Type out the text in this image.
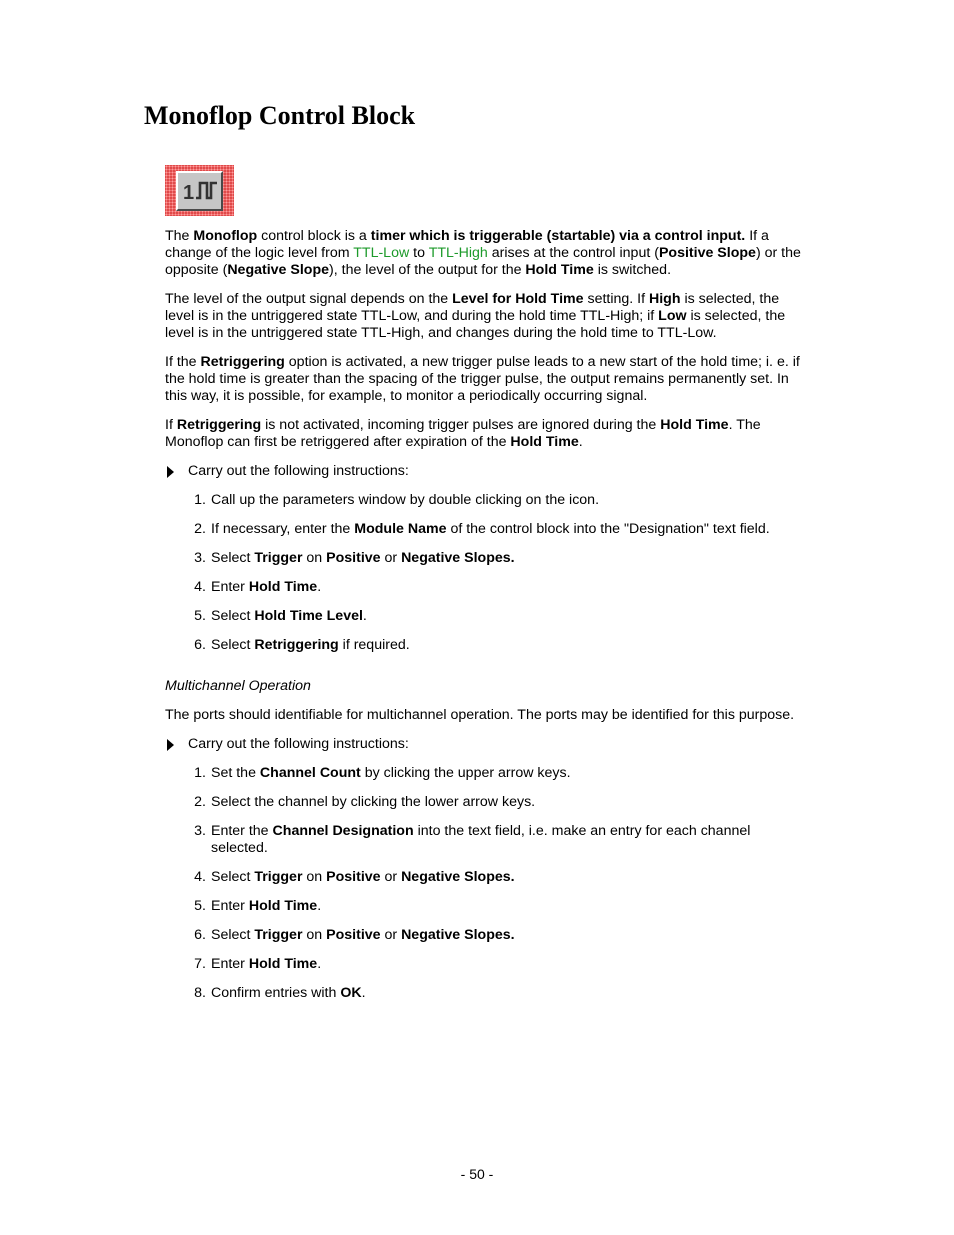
Monoflop Control Block
1

The Monoflop control block is a timer which is triggerable (startable) via a control input. If a change of the logic level from TTL-Low to TTL-High arises at the control input (Positive Slope) or the opposite (Negative Slope), the level of the output for the Hold Time is switched.

The level of the output signal depends on the Level for Hold Time setting. If High is selected, the level is in the untriggered state TTL-Low, and during the hold time TTL-High; if Low is selected, the level is in the untriggered state TTL-High, and changes during the hold time to TTL-Low.

If the Retriggering option is activated, a new trigger pulse leads to a new start of the hold time; i. e. if the hold time is greater than the spacing of the trigger pulse, the output remains permanently set. In this way, it is possible, for example, to monitor a periodically occurring signal.

If Retriggering is not activated, incoming trigger pulses are ignored during the Hold Time. The Monoflop can first be retriggered after expiration of the Hold Time.

Carry out the following instructions:
1. Call up the parameters window by double clicking on the icon.
2. If necessary, enter the Module Name of the control block into the "Designation" text field.
3. Select Trigger on Positive or Negative Slopes.
4. Enter Hold Time.
5. Select Hold Time Level.
6. Select Retriggering if required.

Multichannel Operation

The ports should identifiable for multichannel operation. The ports may be identified for this purpose.

Carry out the following instructions:
1. Set the Channel Count by clicking the upper arrow keys.
2. Select the channel by clicking the lower arrow keys.
3. Enter the Channel Designation into the text field, i.e. make an entry for each channel selected.
4. Select Trigger on Positive or Negative Slopes.
5. Enter Hold Time.
6. Select Trigger on Positive or Negative Slopes.
7. Enter Hold Time.
8. Confirm entries with OK.
- 50 -
